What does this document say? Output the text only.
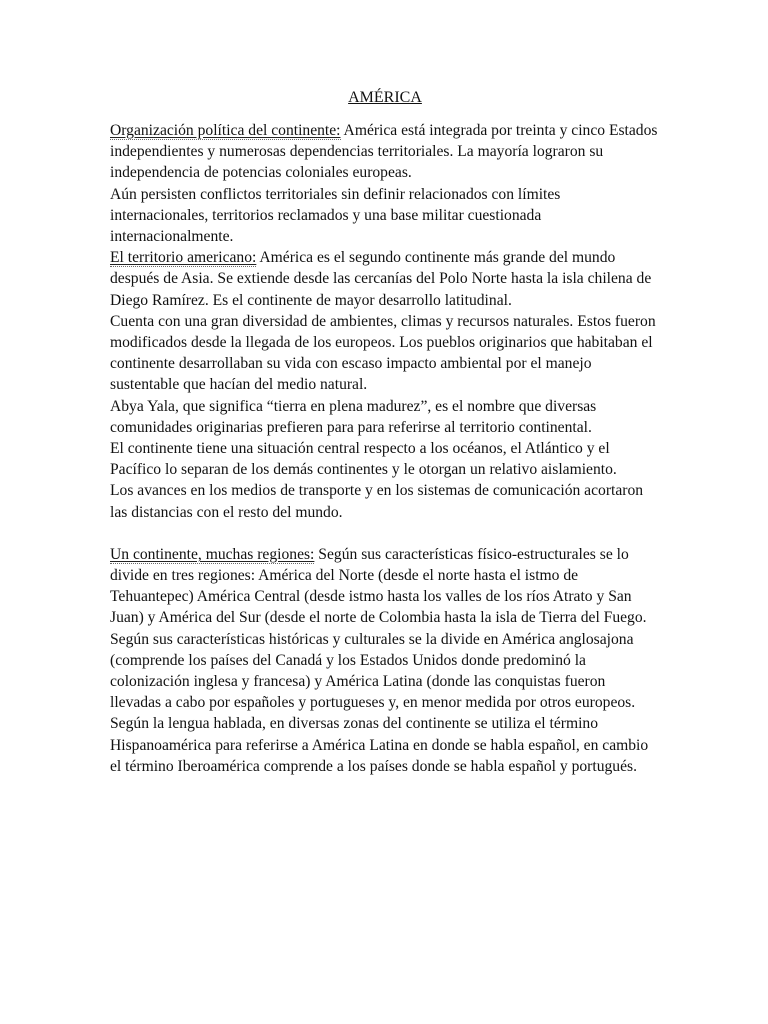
AMÉRICA

Organización política del continente: América está integrada por treinta y cinco Estados independientes y numerosas dependencias territoriales. La mayoría lograron su independencia de potencias coloniales europeas.

Aún persisten conflictos territoriales sin definir relacionados con límites internacionales, territorios reclamados y una base militar cuestionada internacionalmente.

El territorio americano: América es el segundo continente más grande del mundo después de Asia. Se extiende desde las cercanías del Polo Norte hasta la isla chilena de Diego Ramírez. Es el continente de mayor desarrollo latitudinal.

Cuenta con una gran diversidad de ambientes, climas y recursos naturales. Estos fueron modificados desde la llegada de los europeos. Los pueblos originarios que habitaban el continente desarrollaban su vida con escaso impacto ambiental por el manejo sustentable que hacían del medio natural.

Abya Yala, que significa “tierra en plena madurez”, es el nombre que diversas comunidades originarias prefieren para para referirse al territorio continental.

El continente tiene una situación central respecto a los océanos, el Atlántico y el Pacífico lo separan de los demás continentes y le otorgan un relativo aislamiento.

Los avances en los medios de transporte y en los sistemas de comunicación acortaron las distancias con el resto del mundo.

Un continente, muchas regiones: Según sus características físico-estructurales se lo divide en tres regiones: América del Norte (desde el norte hasta el istmo de Tehuantepec) América Central (desde istmo hasta los valles de los ríos Atrato y San Juan) y América del Sur (desde el norte de Colombia hasta la isla de Tierra del Fuego.

Según sus características históricas y culturales se la divide en América anglosajona (comprende los países del Canadá y los Estados Unidos donde predominó la colonización inglesa y francesa) y América Latina (donde las conquistas fueron llevadas a cabo por españoles y portugueses y, en menor medida por otros europeos.

Según la lengua hablada, en diversas zonas del continente se utiliza el término Hispanoamérica para referirse a América Latina en donde se habla español, en cambio el término Iberoamérica comprende a los países donde se habla español y portugués.
